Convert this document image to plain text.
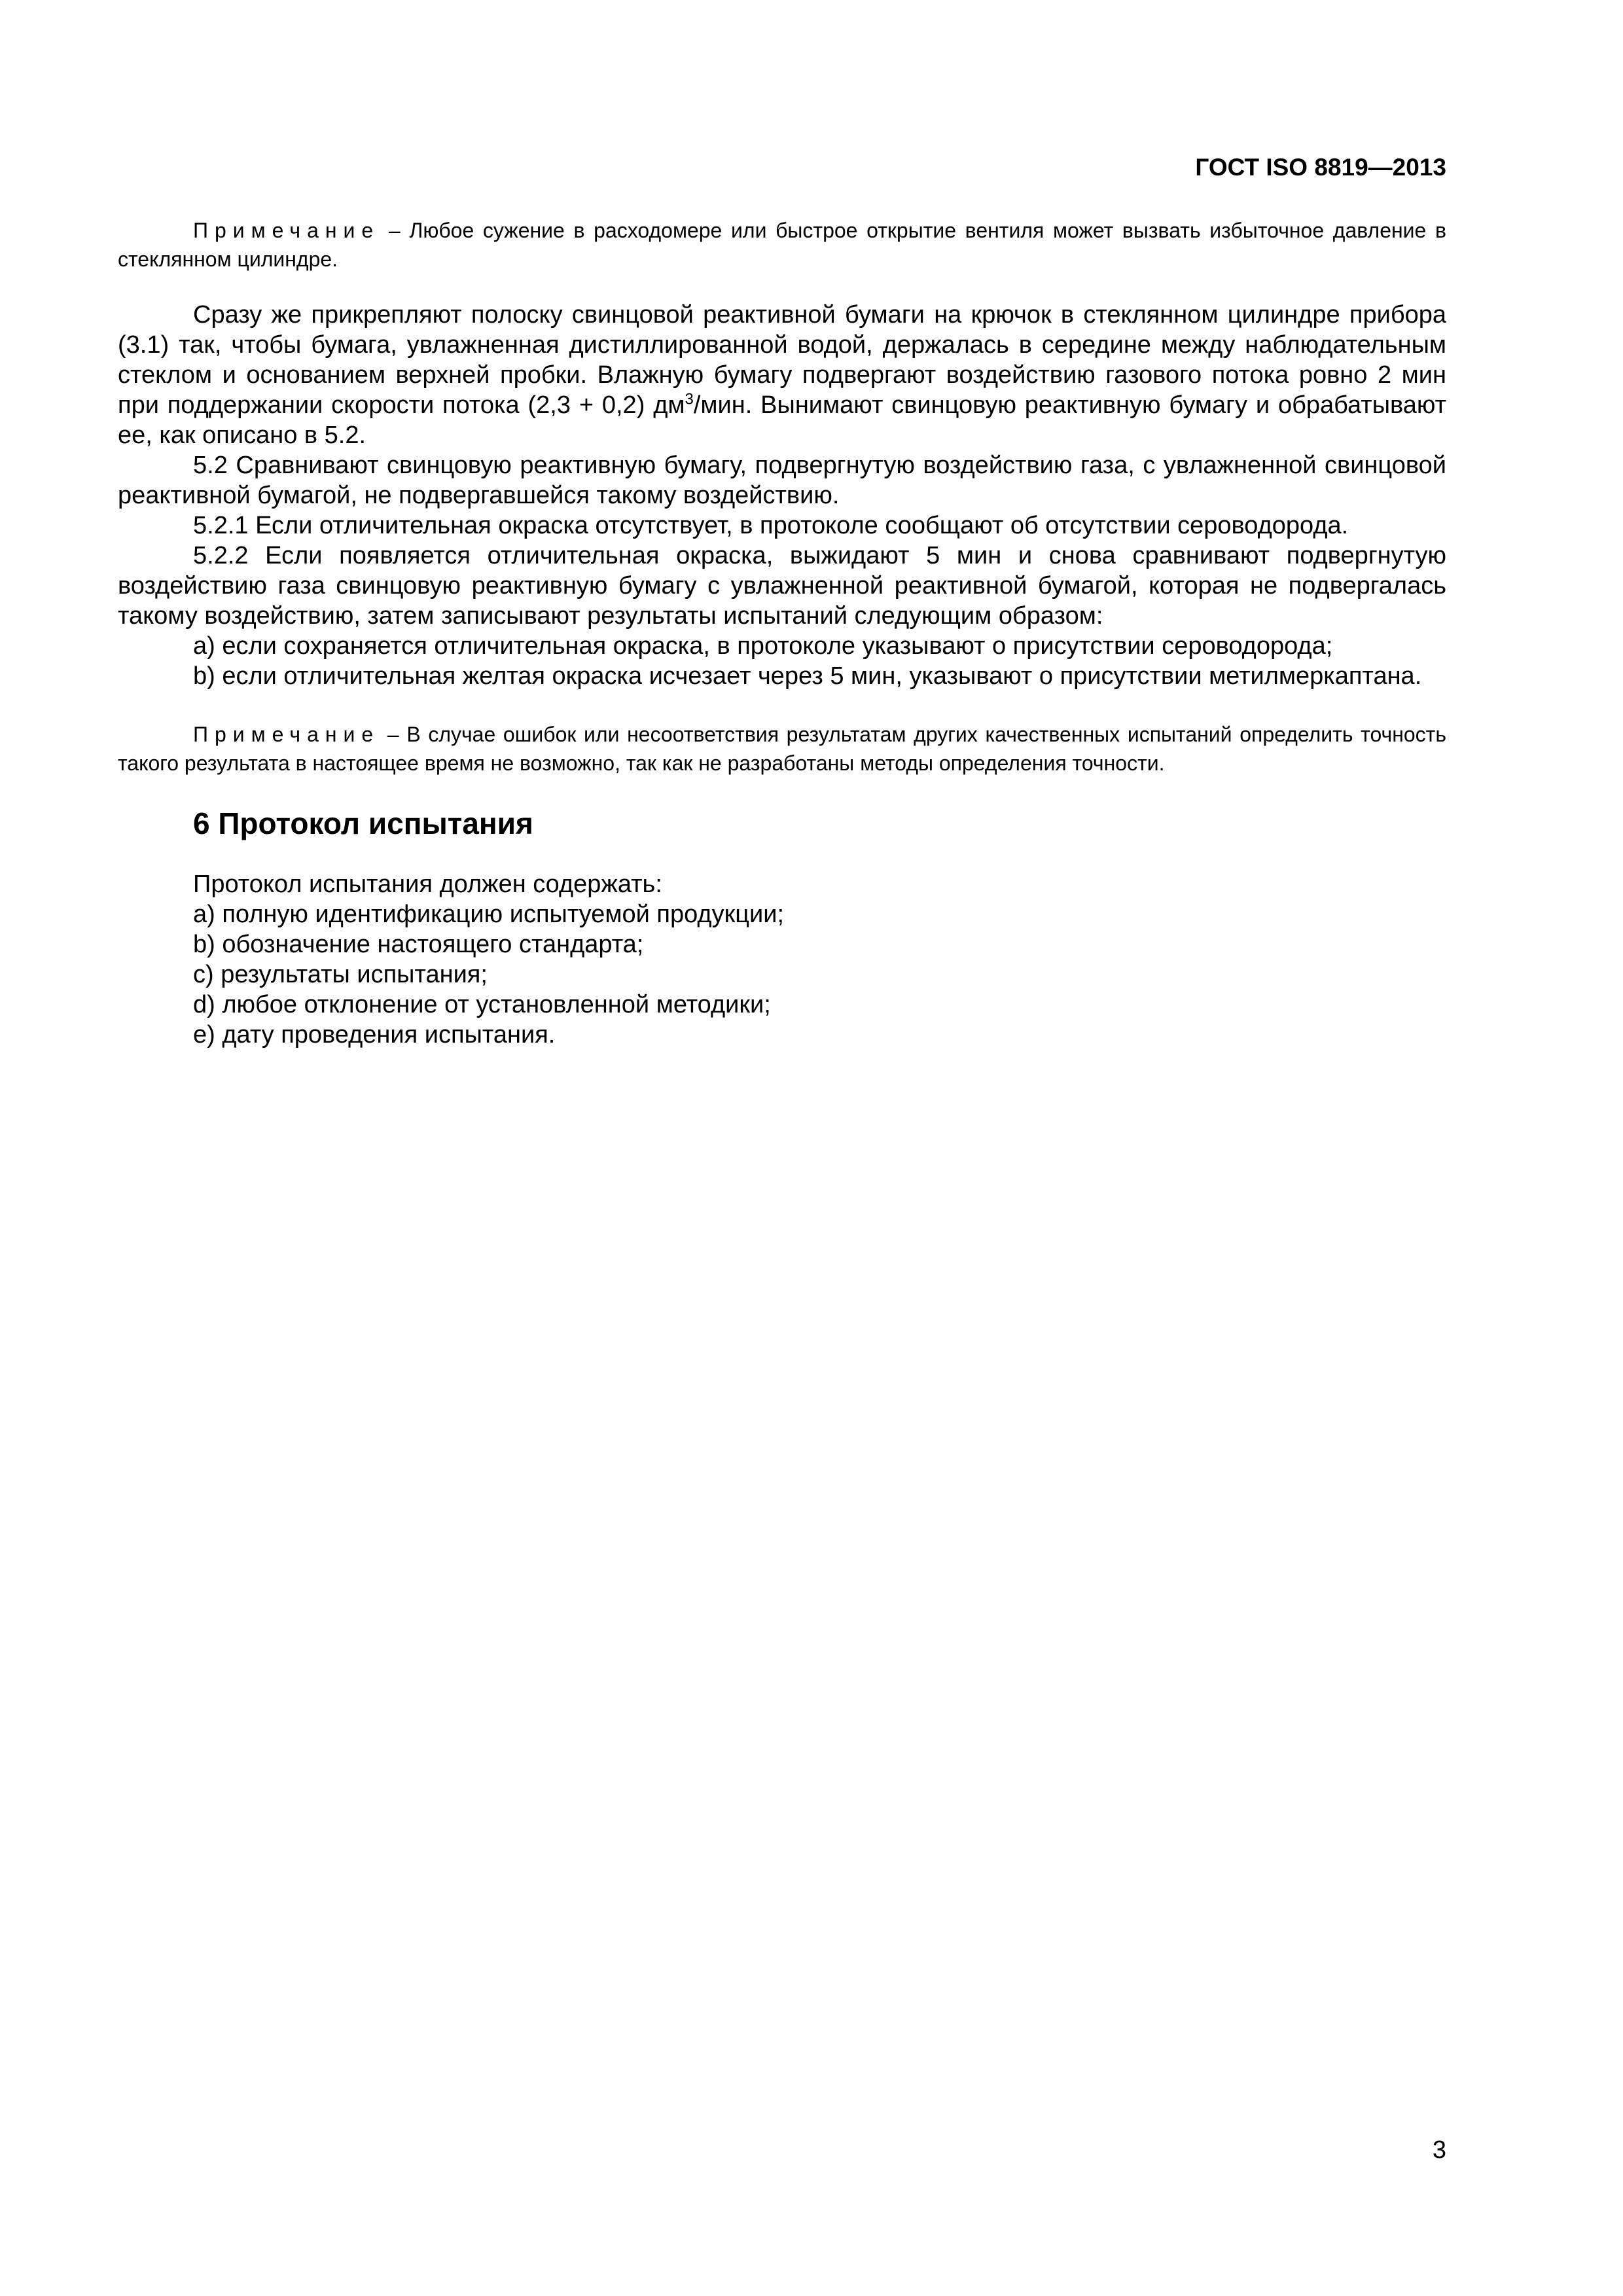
ГОСТ ISO 8819—2013

Примечание – Любое сужение в расходомере или быстрое открытие вентиля может вызвать избыточное давление в стеклянном цилиндре.

Сразу же прикрепляют полоску свинцовой реактивной бумаги на крючок в стеклянном цилиндре прибора (3.1) так, чтобы бумага, увлажненная дистиллированной водой, держалась в середине между наблюдательным стеклом и основанием верхней пробки. Влажную бумагу подвергают воздействию газового потока ровно 2 мин при поддержании скорости потока (2,3 + 0,2) $дм^3$/мин. Вынимают свинцовую реактивную бумагу и обрабатывают ее, как описано в 5.2.

5.2 Сравнивают свинцовую реактивную бумагу, подвергнутую воздействию газа, с увлажненной свинцовой реактивной бумагой, не подвергавшейся такому воздействию.

5.2.1 Если отличительная окраска отсутствует, в протоколе сообщают об отсутствии сероводорода.

5.2.2 Если появляется отличительная окраска, выжидают 5 мин и снова сравнивают подвергнутую воздействию газа свинцовую реактивную бумагу с увлажненной реактивной бумагой, которая не подвергалась такому воздействию, затем записывают результаты испытаний следующим образом:

a) если сохраняется отличительная окраска, в протоколе указывают о присутствии сероводорода;

b) если отличительная желтая окраска исчезает через 5 мин, указывают о присутствии метилмеркаптана.

Примечание – В случае ошибок или несоответствия результатам других качественных испытаний определить точность такого результата в настоящее время не возможно, так как не разработаны методы определения точности.

6 Протокол испытания

Протокол испытания должен содержать:

a) полную идентификацию испытуемой продукции;

b) обозначение настоящего стандарта;

c) результаты испытания;

d) любое отклонение от установленной методики;

e) дату проведения испытания.

3
